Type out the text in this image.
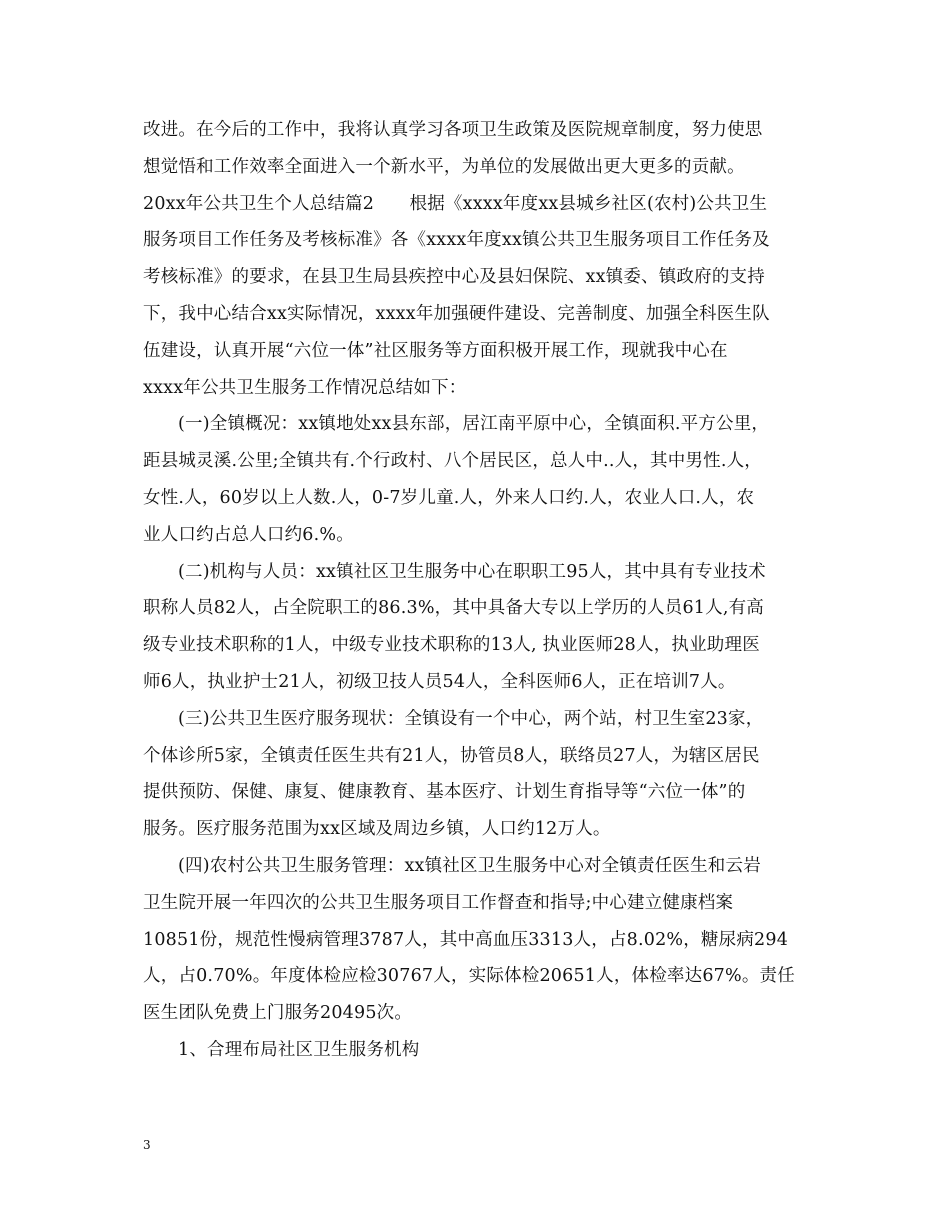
改进。在今后的工作中，我将认真学习各项卫生政策及医院规章制度，努力使思
想觉悟和工作效率全面进入一个新水平，为单位的发展做出更大更多的贡献。
20xx年公共卫生个人总结篇2　　根据《xxxx年度xx县城乡社区(农村)公共卫生
服务项目工作任务及考核标准》各《xxxx年度xx镇公共卫生服务项目工作任务及
考核标准》的要求，在县卫生局县疾控中心及县妇保院、xx镇委、镇政府的支持
下，我中心结合xx实际情况，xxxx年加强硬件建设、完善制度、加强全科医生队
伍建设，认真开展“六位一体”社区服务等方面积极开展工作，现就我中心在
xxxx年公共卫生服务工作情况总结如下：
(一)全镇概况：xx镇地处xx县东部，居江南平原中心，全镇面积.平方公里，
距县城灵溪.公里;全镇共有.个行政村、八个居民区，总人中..人，其中男性.人，
女性.人，60岁以上人数.人，0-7岁儿童.人，外来人口约.人，农业人口.人，农
业人口约占总人口约6.%。
(二)机构与人员：xx镇社区卫生服务中心在职职工95人，其中具有专业技术
职称人员82人，占全院职工的86.3%，其中具备大专以上学历的人员61人,有高
级专业技术职称的1人，中级专业技术职称的13人, 执业医师28人，执业助理医
师6人，执业护士21人，初级卫技人员54人，全科医师6人，正在培训7人。
(三)公共卫生医疗服务现状：全镇设有一个中心，两个站，村卫生室23家，
个体诊所5家，全镇责任医生共有21人，协管员8人，联络员27人，为辖区居民
提供预防、保健、康复、健康教育、基本医疗、计划生育指导等“六位一体”的
服务。医疗服务范围为xx区域及周边乡镇，人口约12万人。
(四)农村公共卫生服务管理：xx镇社区卫生服务中心对全镇责任医生和云岩
卫生院开展一年四次的公共卫生服务项目工作督查和指导;中心建立健康档案
10851份，规范性慢病管理3787人，其中高血压3313人，占8.02%，糖尿病294
人，占0.70%。年度体检应检30767人，实际体检20651人，体检率达67%。责任
医生团队免费上门服务20495次。
1、合理布局社区卫生服务机构
3
